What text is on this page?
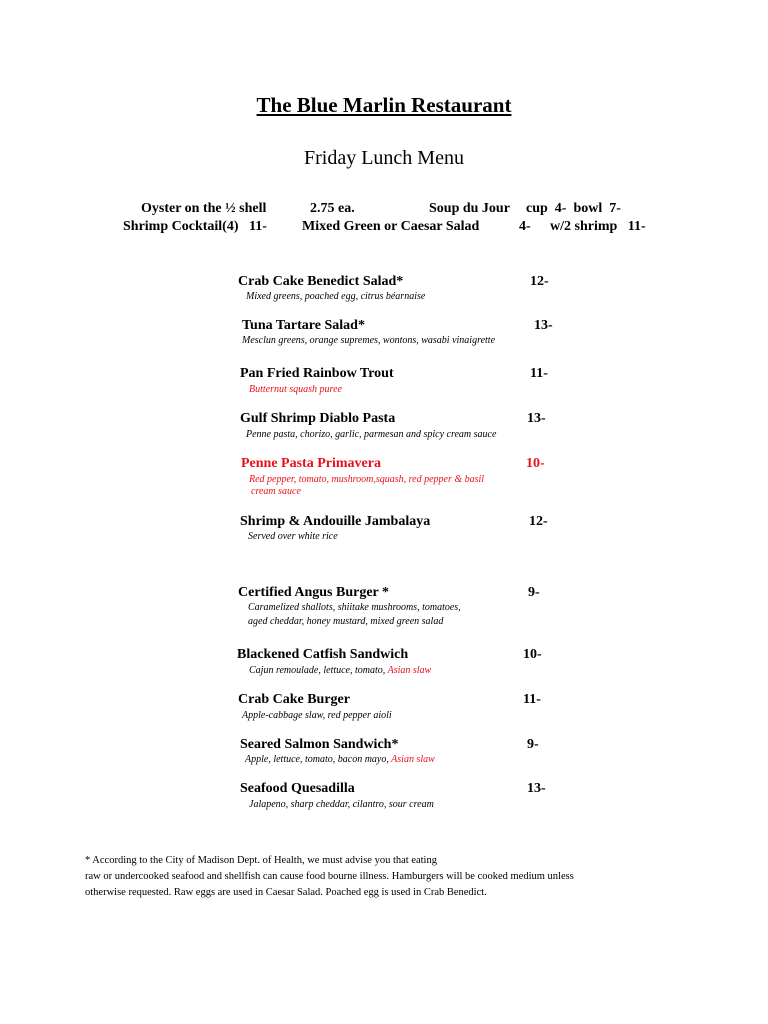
The Blue Marlin Restaurant
Friday Lunch Menu
Oyster on the ½ shell	2.75 ea.	Soup du Jour cup  4-  bowl  7-
Shrimp Cocktail(4)   11-	Mixed Green or Caesar Salad	4- w/2 shrimp   11-
Crab Cake Benedict Salad*	12-
Mixed greens, poached egg, citrus béarnaise
Tuna Tartare Salad*	13-
Mesclun greens, orange supremes, wontons, wasabi vinaigrette
Pan Fried Rainbow Trout	11-
Butternut squash puree
Gulf Shrimp Diablo Pasta	13-
Penne pasta, chorizo, garlic, parmesan and spicy cream sauce
Penne Pasta Primavera	10-
Red pepper, tomato, mushroom,squash, red pepper & basil
cream sauce
Shrimp & Andouille Jambalaya	12-
Served over white rice
Certified Angus Burger *	9-
Caramelized shallots, shiitake mushrooms, tomatoes,
aged cheddar, honey mustard, mixed green salad
Blackened Catfish Sandwich	10-
Cajun remoulade, lettuce, tomato, Asian slaw
Crab Cake Burger	11-
Apple-cabbage slaw, red pepper aioli
Seared Salmon Sandwich*	9-
Apple, lettuce, tomato, bacon mayo, Asian slaw
Seafood Quesadilla	13-
Jalapeno, sharp cheddar, cilantro, sour cream
* According to the City of Madison Dept. of Health, we must advise you that eating
raw or undercooked seafood and shellfish can cause food bourne illness. Hamburgers will be cooked medium unless
otherwise requested. Raw eggs are used in Caesar Salad. Poached egg is used in Crab Benedict.
